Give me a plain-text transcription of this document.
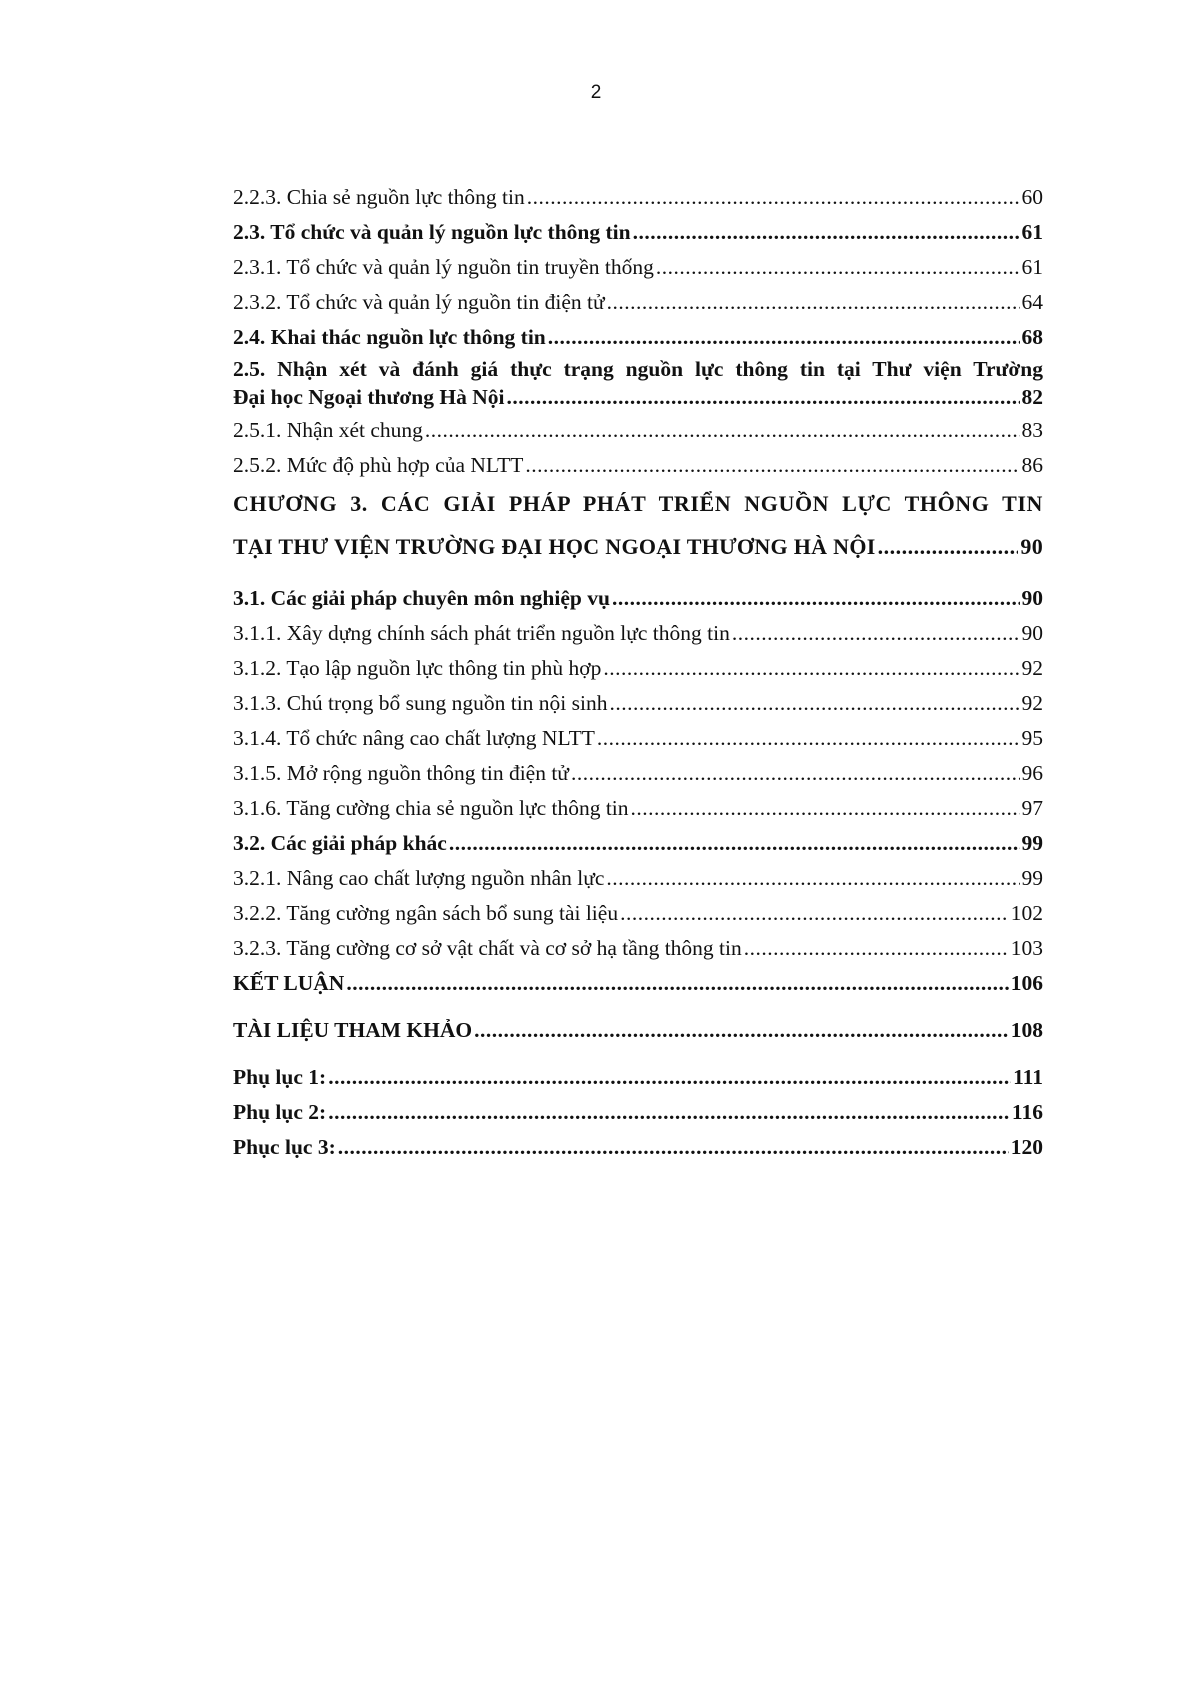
2
2.2.3. Chia sẻ nguồn lực thông tin .....	60
2.3. Tổ chức và quản lý nguồn lực thông tin .....	61
2.3.1. Tổ chức và quản lý nguồn tin truyền thống .....	61
2.3.2. Tổ chức và quản lý nguồn tin điện tử .....	64
2.4. Khai thác nguồn lực thông tin .....	68
2.5. Nhận xét và đánh giá thực trạng nguồn lực thông tin tại Thư viện Trường
Đại học Ngoại thương Hà Nội .....	82
2.5.1. Nhận xét chung .....	83
2.5.2. Mức độ phù hợp của NLTT .....	86
CHƯƠNG 3. CÁC GIẢI PHÁP PHÁT TRIỂN NGUỒN LỰC THÔNG TIN
TẠI THƯ VIỆN TRƯỜNG ĐẠI HỌC NGOẠI THƯƠNG HÀ NỘI .....	90
3.1. Các giải pháp chuyên môn nghiệp vụ .....	90
3.1.1. Xây dựng chính sách phát triển nguồn lực thông tin .....	90
3.1.2. Tạo lập nguồn lực thông tin phù hợp .....	92
3.1.3. Chú trọng bổ sung nguồn tin nội sinh .....	92
3.1.4. Tổ chức nâng cao chất lượng NLTT .....	95
3.1.5. Mở rộng nguồn thông tin điện tử .....	96
3.1.6. Tăng cường chia sẻ nguồn lực thông tin .....	97
3.2. Các giải pháp khác .....	99
3.2.1. Nâng cao chất lượng nguồn nhân lực .....	99
3.2.2. Tăng cường ngân sách bổ sung tài liệu .....	102
3.2.3. Tăng cường cơ sở vật chất và cơ sở hạ tầng thông tin .....	103
KẾT LUẬN .....	106
TÀI LIỆU THAM KHẢO .....	108
Phụ lục 1: .....	111
Phụ lục 2: .....	116
Phục lục 3: .....	120
